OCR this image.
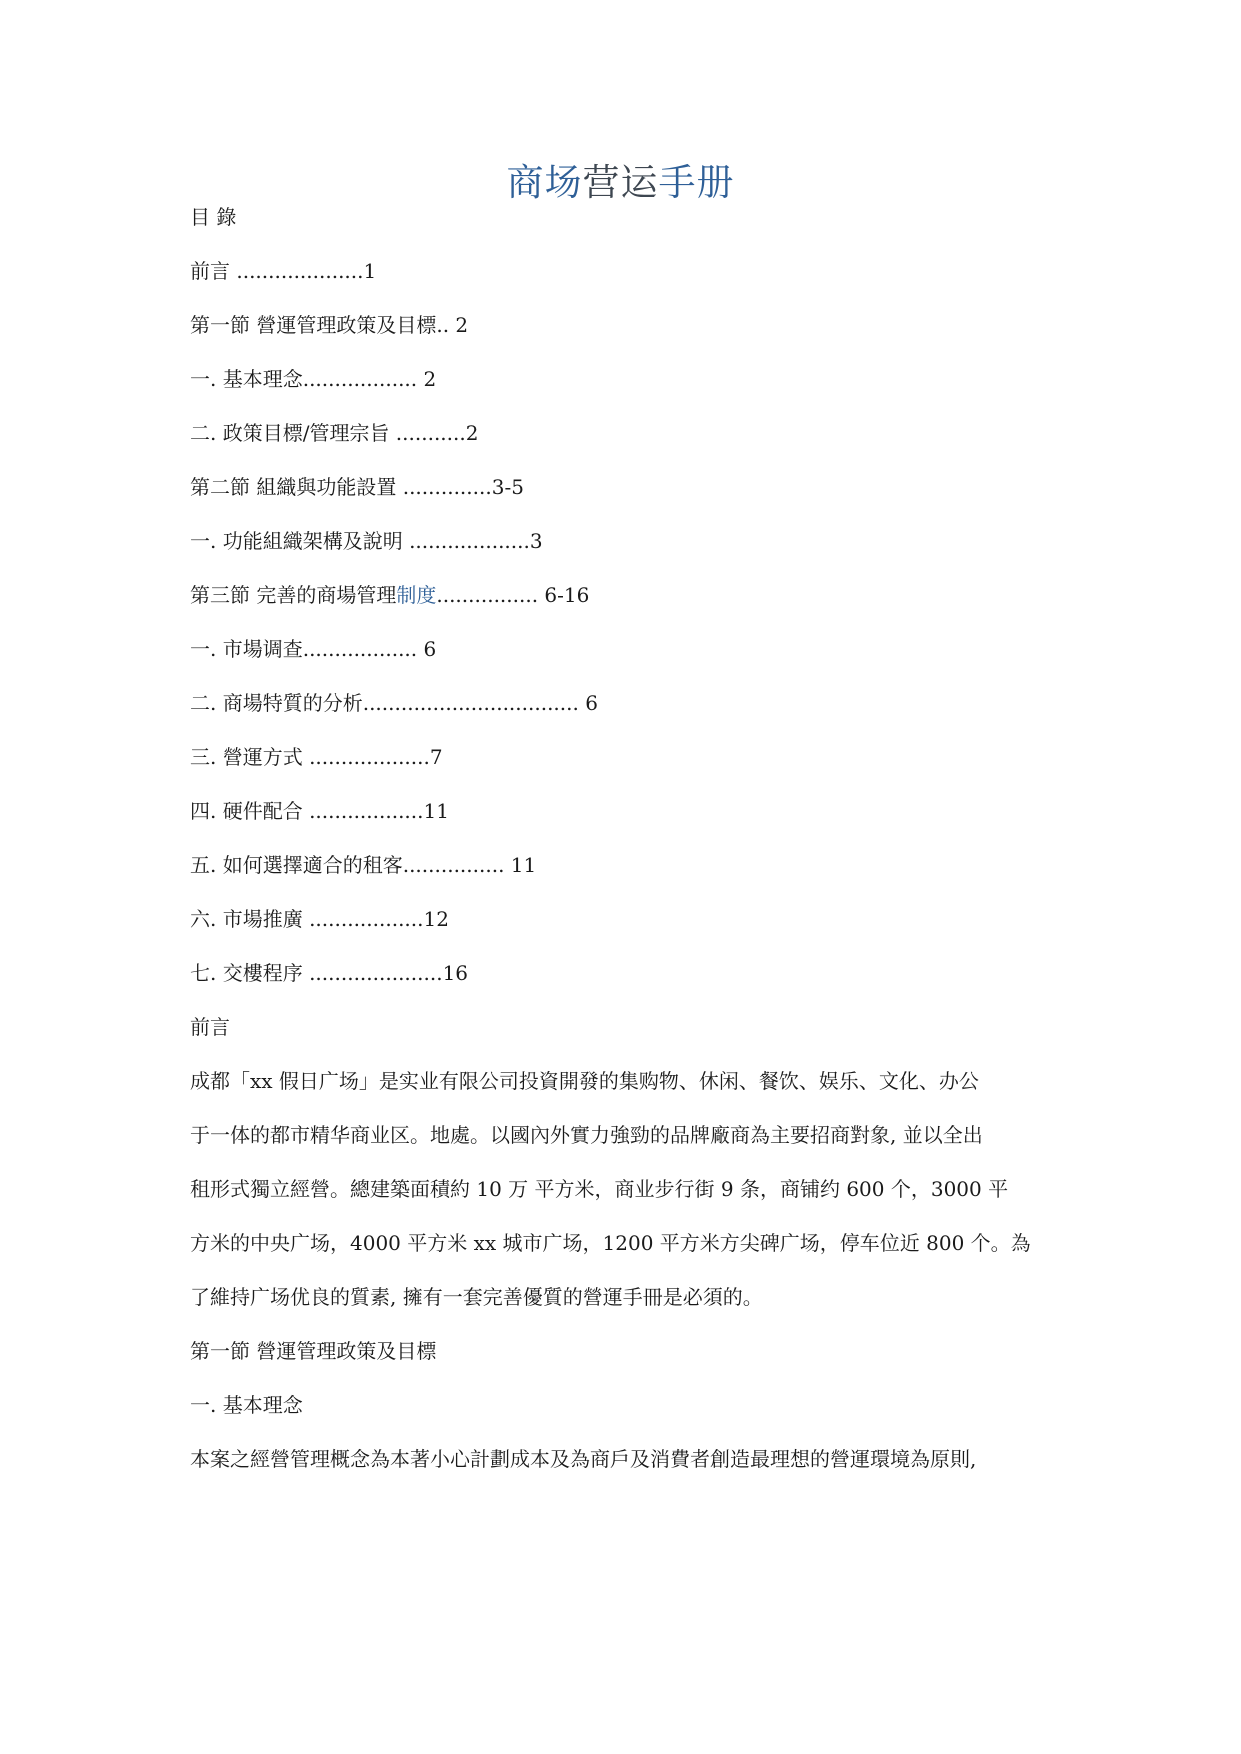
商场营运手册
目 錄
前言 ....................1
第一節 營運管理政策及目標.. 2
一. 基本理念.................. 2
二. 政策目標/管理宗旨 ...........2
第二節 組織與功能設置 ..............3-5
一. 功能組織架構及說明 ...................3
第三節 完善的商場管理制度................ 6-16
一. 市場调查.................. 6
二. 商場特質的分析.................................. 6
三. 營運方式 ...................7
四. 硬件配合 ..................11
五. 如何選擇適合的租客................ 11
六. 市場推廣 ..................12
七. 交樓程序 .....................16
前言
成都「xx 假日广场」是实业有限公司投資開發的集购物、休闲、餐饮、娱乐、文化、办公
于一体的都市精华商业区。地處。以國內外實力強勁的品牌廠商為主要招商對象, 並以全出
租形式獨立經營。總建築面積約 10 万 平方米，商业步行街 9 条，商铺约 600 个，3000 平
方米的中央广场，4000 平方米 xx 城市广场，1200 平方米方尖碑广场，停车位近 800 个。為
了維持广场优良的質素, 擁有一套完善優質的營運手冊是必須的。
第一節 營運管理政策及目標
一. 基本理念
本案之經營管理概念為本著小心計劃成本及為商戶及消費者創造最理想的營運環境為原則,
